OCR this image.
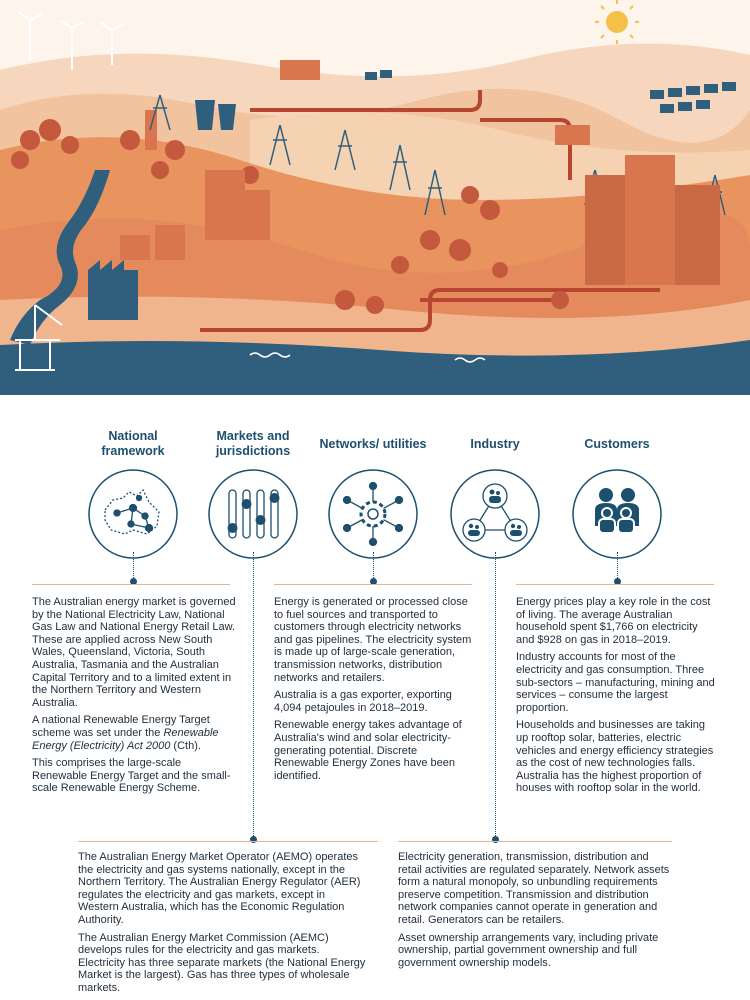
National framework
Markets and jurisdictions
Networks/ utilities	Industry	Customers

The Australian energy market is governed by the National Electricity Law, National Gas Law and National Energy Retail Law. These are applied across New South Wales, Queensland, Victoria, South Australia, Tasmania and the Australian Capital Territory and to a limited extent in the Northern Territory and Western Australia.

A national Renewable Energy Target scheme was set under the Renewable Energy (Electricity) Act 2000 (Cth).

This comprises the large-scale Renewable Energy Target and the small-scale Renewable Energy Scheme.

Energy is generated or processed close to fuel sources and transported to customers through electricity networks and gas pipelines. The electricity system is made up of large-scale generation, transmission networks, distribution networks and retailers.

Australia is a gas exporter, exporting 4,094 petajoules in 2018–2019.

Renewable energy takes advantage of Australia's wind and solar electricity-generating potential. Discrete Renewable Energy Zones have been identified.

Energy prices play a key role in the cost of living. The average Australian household spent $1,766 on electricity and $928 on gas in 2018–2019.

Industry accounts for most of the electricity and gas consumption. Three sub-sectors – manufacturing, mining and services – consume the largest proportion.

Households and businesses are taking up rooftop solar, batteries, electric vehicles and energy efficiency strategies as the cost of new technologies falls. Australia has the highest proportion of houses with rooftop solar in the world.

The Australian Energy Market Operator (AEMO) operates the electricity and gas systems nationally, except in the Northern Territory. The Australian Energy Regulator (AER) regulates the electricity and gas markets, except in Western Australia, which has the Economic Regulation Authority.

The Australian Energy Market Commission (AEMC) develops rules for the electricity and gas markets. Electricity has three separate markets (the National Energy Market is the largest). Gas has three types of wholesale markets.

Electricity generation, transmission, distribution and retail activities are regulated separately. Network assets form a natural monopoly, so unbundling requirements preserve competition. Transmission and distribution network companies cannot operate in generation and retail. Generators can be retailers.

Asset ownership arrangements vary, including private ownership, partial government ownership and full government ownership models.
